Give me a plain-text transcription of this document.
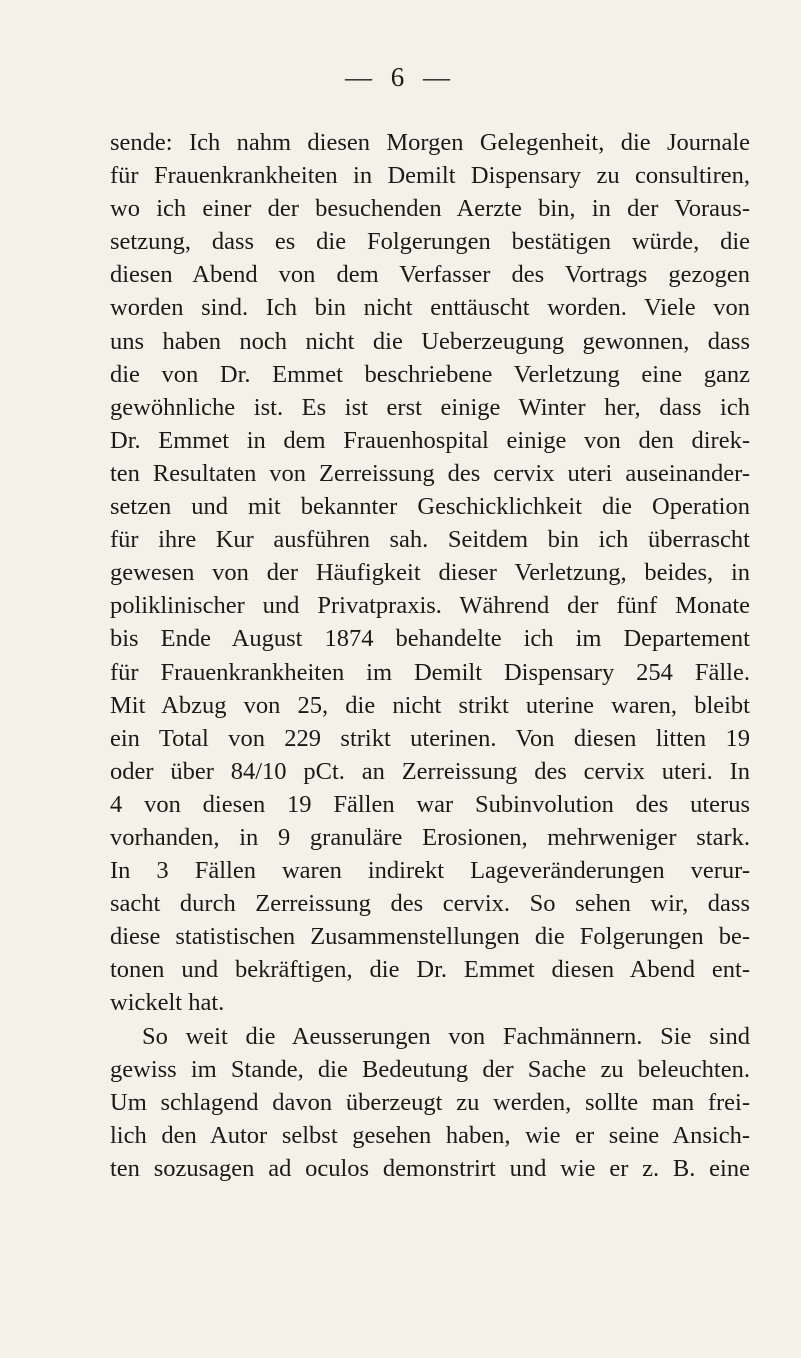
— 6 —
sende: Ich nahm diesen Morgen Gelegenheit, die Journale
für Frauenkrankheiten in Demilt Dispensary zu consultiren,
wo ich einer der besuchenden Aerzte bin, in der Voraus-
setzung, dass es die Folgerungen bestätigen würde, die
diesen Abend von dem Verfasser des Vortrags gezogen
worden sind. Ich bin nicht enttäuscht worden. Viele von
uns haben noch nicht die Ueberzeugung gewonnen, dass
die von Dr. Emmet beschriebene Verletzung eine ganz
gewöhnliche ist. Es ist erst einige Winter her, dass ich
Dr. Emmet in dem Frauenhospital einige von den direk-
ten Resultaten von Zerreissung des cervix uteri auseinander-
setzen und mit bekannter Geschicklichkeit die Operation
für ihre Kur ausführen sah. Seitdem bin ich überrascht
gewesen von der Häufigkeit dieser Verletzung, beides, in
poliklinischer und Privatpraxis. Während der fünf Monate
bis Ende August 1874 behandelte ich im Departement
für Frauenkrankheiten im Demilt Dispensary 254 Fälle.
Mit Abzug von 25, die nicht strikt uterine waren, bleibt
ein Total von 229 strikt uterinen. Von diesen litten 19
oder über 84/10 pCt. an Zerreissung des cervix uteri. In
4 von diesen 19 Fällen war Subinvolution des uterus
vorhanden, in 9 granuläre Erosionen, mehrweniger stark.
In 3 Fällen waren indirekt Lageveränderungen verur-
sacht durch Zerreissung des cervix. So sehen wir, dass
diese statistischen Zusammenstellungen die Folgerungen be-
tonen und bekräftigen, die Dr. Emmet diesen Abend ent-
wickelt hat.
So weit die Aeusserungen von Fachmännern. Sie sind
gewiss im Stande, die Bedeutung der Sache zu beleuchten.
Um schlagend davon überzeugt zu werden, sollte man frei-
lich den Autor selbst gesehen haben, wie er seine Ansich-
ten sozusagen ad oculos demonstrirt und wie er z. B. eine
